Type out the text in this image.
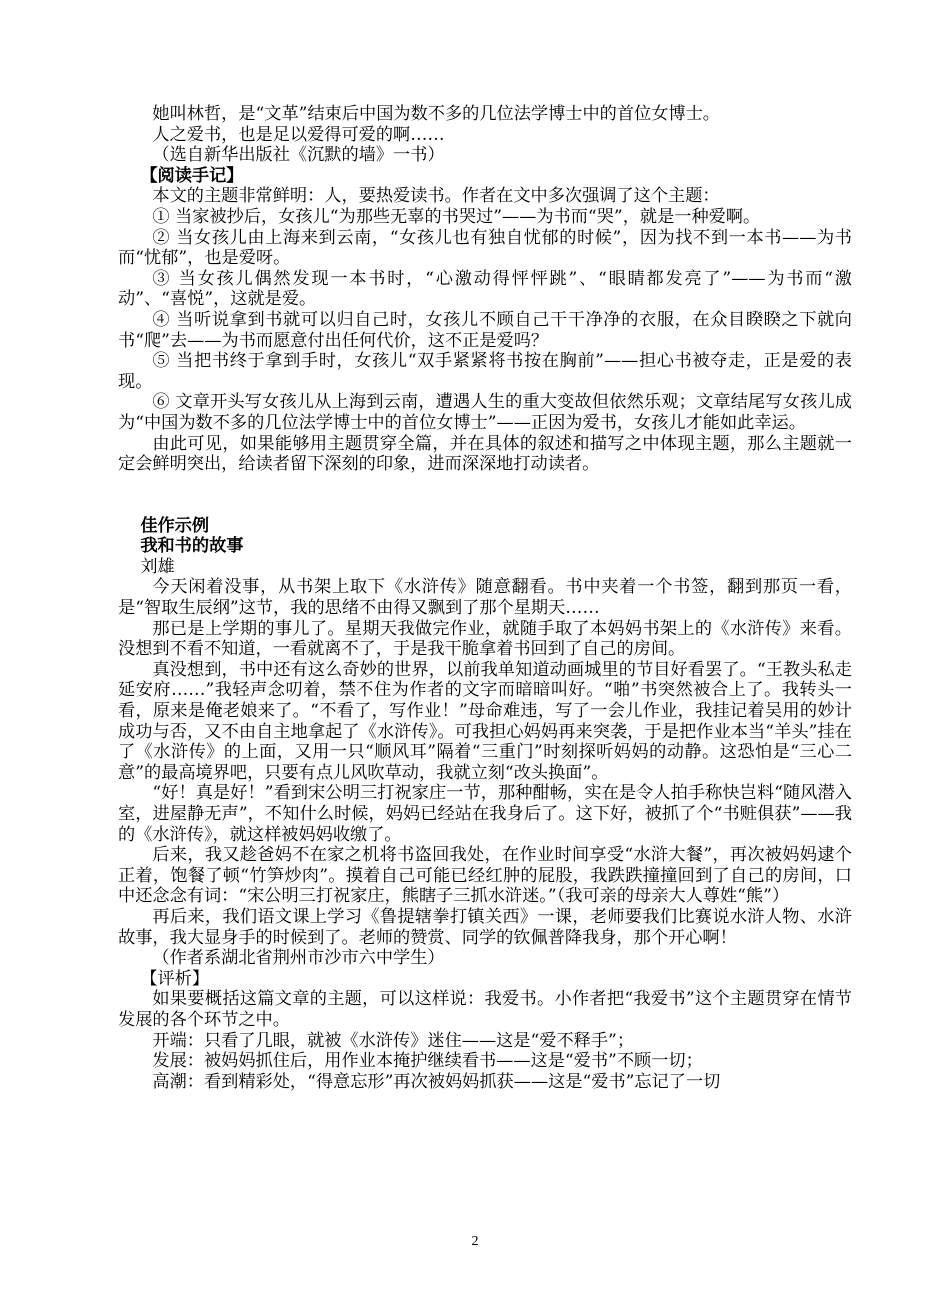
她叫林哲，是“文革”结束后中国为数不多的几位法学博士中的首位女博士。

人之爱书，也是足以爱得可爱的啊……

（选自新华出版社《沉默的墙》一书）

【阅读手记】

本文的主题非常鲜明：人，要热爱读书。作者在文中多次强调了这个主题：

① 当家被抄后，女孩儿“为那些无辜的书哭过”——为书而“哭”，就是一种爱啊。

② 当女孩儿由上海来到云南，“女孩儿也有独自忧郁的时候”，因为找不到一本书——为书而“忧郁”，也是爱呀。

③ 当女孩儿偶然发现一本书时，“心激动得怦怦跳”、“眼睛都发亮了”——为书而“激动”、“喜悦”，这就是爱。

④ 当听说拿到书就可以归自己时，女孩儿不顾自己干干净净的衣服，在众目睽睽之下就向书“爬”去——为书而愿意付出任何代价，这不正是爱吗？

⑤ 当把书终于拿到手时，女孩儿“双手紧紧将书按在胸前”——担心书被夺走，正是爱的表现。

⑥ 文章开头写女孩儿从上海到云南，遭遇人生的重大变故但依然乐观；文章结尾写女孩儿成为“中国为数不多的几位法学博士中的首位女博士”——正因为爱书，女孩儿才能如此幸运。

由此可见，如果能够用主题贯穿全篇，并在具体的叙述和描写之中体现主题，那么主题就一定会鲜明突出，给读者留下深刻的印象，进而深深地打动读者。

佳作示例

我和书的故事

刘雄

今天闲着没事，从书架上取下《水浒传》随意翻看。书中夹着一个书签，翻到那页一看，是“智取生辰纲”这节，我的思绪不由得又飘到了那个星期天……

那已是上学期的事儿了。星期天我做完作业，就随手取了本妈妈书架上的《水浒传》来看。没想到不看不知道，一看就离不了，于是我干脆拿着书回到了自己的房间。

真没想到，书中还有这么奇妙的世界，以前我单知道动画城里的节目好看罢了。“王教头私走延安府……”我轻声念叨着，禁不住为作者的文字而暗暗叫好。“啪”书突然被合上了。我转头一看，原来是俺老娘来了。“不看了，写作业！”母命难违，写了一会儿作业，我挂记着吴用的妙计成功与否，又不由自主地拿起了《水浒传》。可我担心妈妈再来突袭，于是把作业本当“羊头”挂在了《水浒传》的上面，又用一只“顺风耳”隔着“三重门”时刻探听妈妈的动静。这恐怕是“三心二意”的最高境界吧，只要有点儿风吹草动，我就立刻“改头换面”。

“好！真是好！”看到宋公明三打祝家庄一节，那种酣畅，实在是令人拍手称快岂料“随风潜入室，进屋静无声”，不知什么时候，妈妈已经站在我身后了。这下好，被抓了个“书赃俱获”——我的《水浒传》，就这样被妈妈收缴了。

后来，我又趁爸妈不在家之机将书盗回我处，在作业时间享受“水浒大餐”，再次被妈妈逮个正着，饱餐了顿“竹笋炒肉”。摸着自己可能已经红肿的屁股，我跌跌撞撞回到了自己的房间，口中还念念有词：“宋公明三打祝家庄，熊瞎子三抓水浒迷。”（我可亲的母亲大人尊姓“熊”）

再后来，我们语文课上学习《鲁提辖拳打镇关西》一课，老师要我们比赛说水浒人物、水浒故事，我大显身手的时候到了。老师的赞赏、同学的钦佩普降我身，那个开心啊！

（作者系湖北省荆州市沙市六中学生）

【评析】

如果要概括这篇文章的主题，可以这样说：我爱书。小作者把“我爱书”这个主题贯穿在情节发展的各个环节之中。

开端：只看了几眼，就被《水浒传》迷住——这是“爱不释手”；

发展：被妈妈抓住后，用作业本掩护继续看书——这是“爱书”不顾一切；

高潮：看到精彩处，“得意忘形”再次被妈妈抓获——这是“爱书”忘记了一切

2
